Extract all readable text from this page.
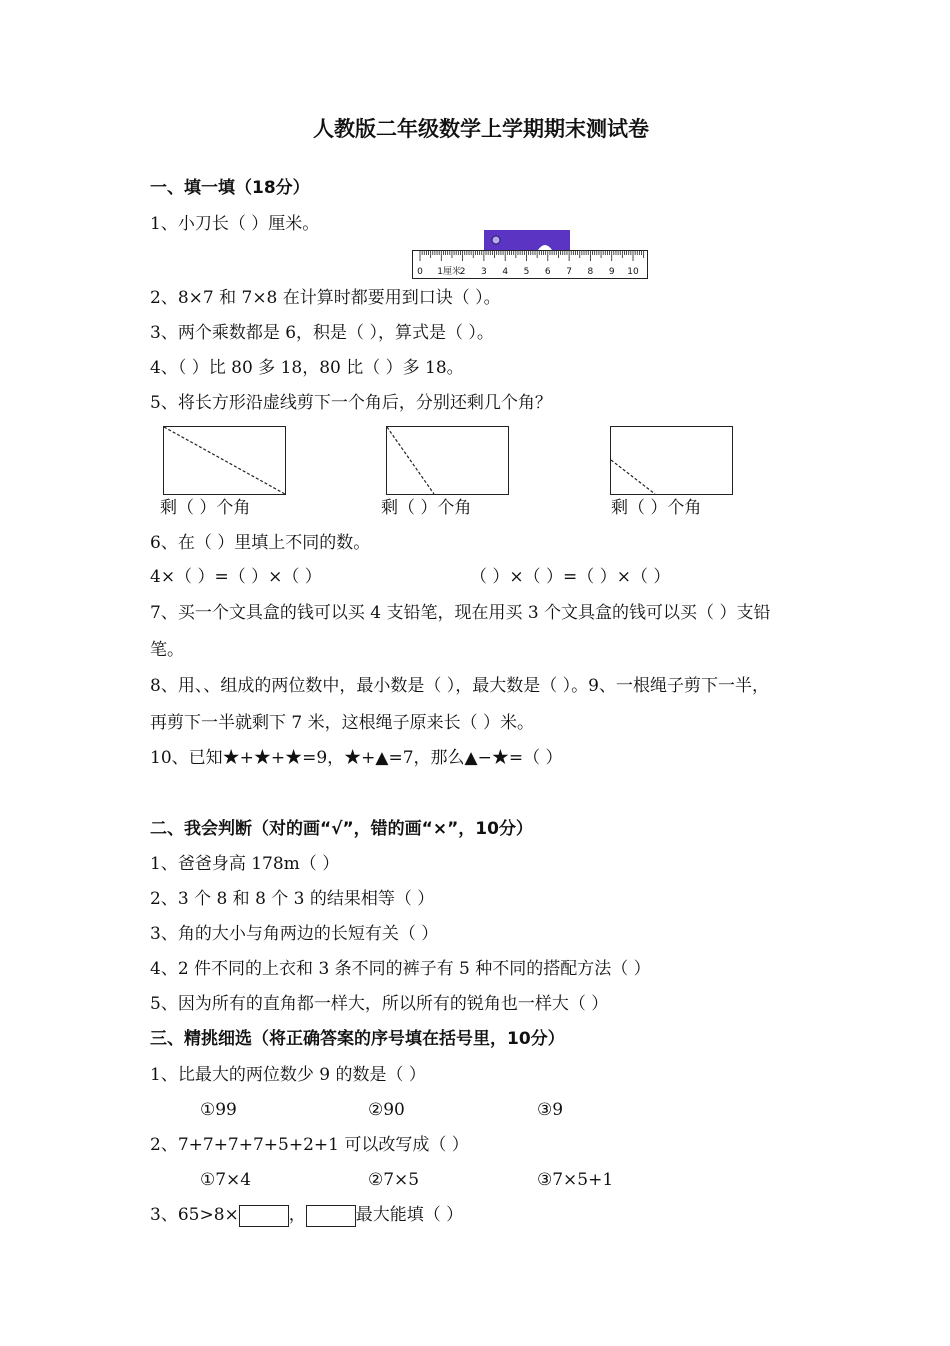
人教版二年级数学上学期期末测试卷
一、填一填（18分）
1、小刀长（ ）厘米。
0 1厘米
2 3 4 5 6 7 8 9 10
2、8×7 和 7×8 在计算时都要用到口诀（ ）。
3、两个乘数都是 6，积是（ ），算式是（ ）。
4、（ ）比 80 多 18，80 比（ ）多 18。
5、将长方形沿虚线剪下一个角后，分别还剩几个角？
剩（ ）个角	剩（ ）个角	剩（ ）个角
6、在（ ）里填上不同的数。
4×（ ）=（ ）×（ ）	（ ）×（ ）=（ ）×（ ）
7、买一个文具盒的钱可以买 4 支铅笔，现在用买 3 个文具盒的钱可以买（ ）支铅
笔。
8、用、、组成的两位数中，最小数是（ ），最大数是（ ）。9、一根绳子剪下一半，
再剪下一半就剩下 7 米，这根绳子原来长（ ）米。
10、已知★+★+★=9，★+▲=7，那么▲−★=（ ）
二、我会判断（对的画“√”，错的画“×”，10分）
1、爸爸身高 178m（ ）
2、3 个 8 和 8 个 3 的结果相等（ ）
3、角的大小与角两边的长短有关（ ）
4、2 件不同的上衣和 3 条不同的裤子有 5 种不同的搭配方法（ ）
5、因为所有的直角都一样大，所以所有的锐角也一样大（ ）
三、精挑细选（将正确答案的序号填在括号里，10分）
1、比最大的两位数少 9 的数是（ ）
①99	②90	③9
2、7+7+7+7+5+2+1 可以改写成（ ）
①7×4	②7×5	③7×5+1
3、65>8×	，	最大能填（ ）
